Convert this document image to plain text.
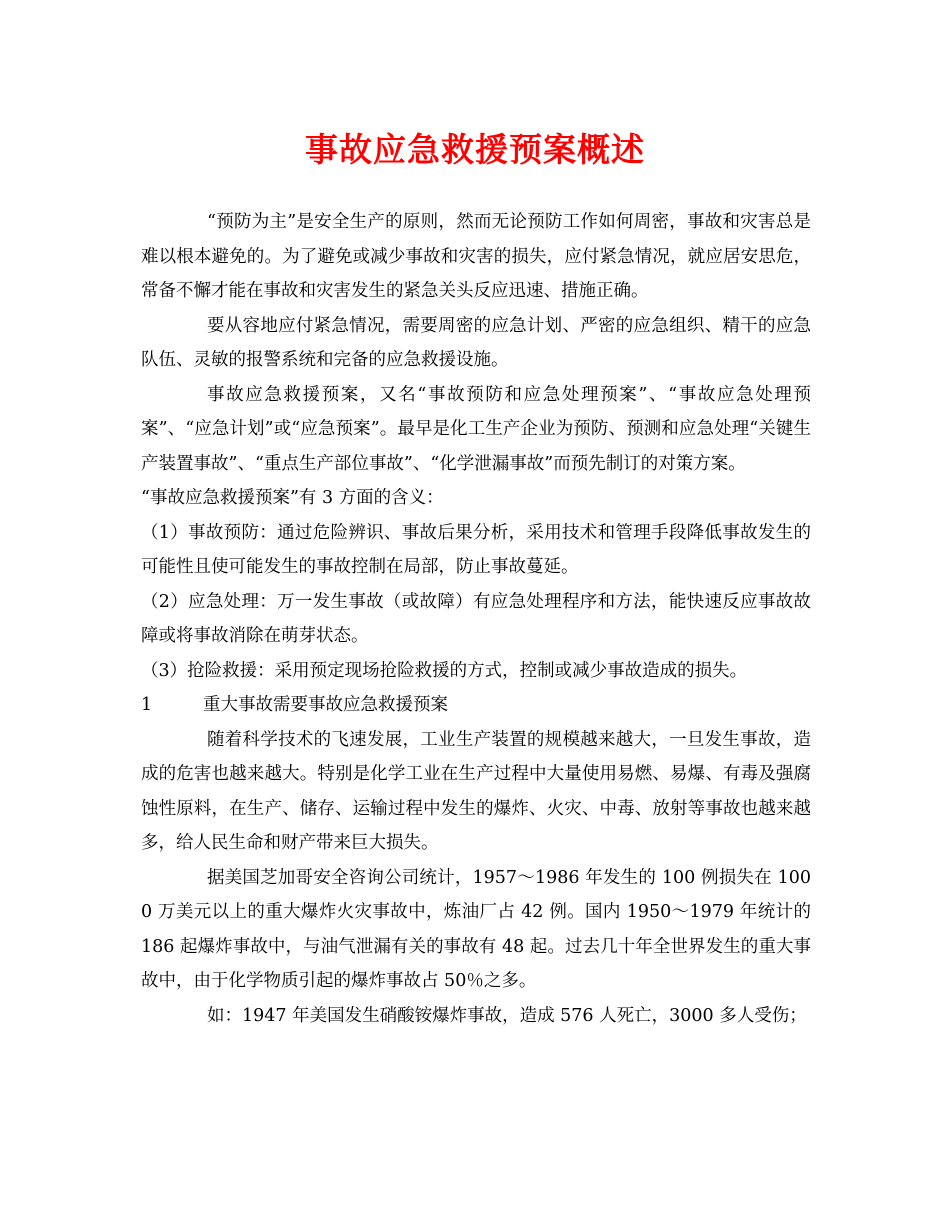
事故应急救援预案概述

“预防为主”是安全生产的原则，然而无论预防工作如何周密，事故和灾害总是难以根本避免的。为了避免或减少事故和灾害的损失，应付紧急情况，就应居安思危，常备不懈才能在事故和灾害发生的紧急关头反应迅速、措施正确。

要从容地应付紧急情况，需要周密的应急计划、严密的应急组织、精干的应急队伍、灵敏的报警系统和完备的应急救援设施。

事故应急救援预案，又名“事故预防和应急处理预案”、“事故应急处理预案”、“应急计划”或“应急预案”。最早是化工生产企业为预防、预测和应急处理“关键生产装置事故”、“重点生产部位事故”、“化学泄漏事故”而预先制订的对策方案。

“事故应急救援预案”有 3 方面的含义：

（1）事故预防：通过危险辨识、事故后果分析，采用技术和管理手段降低事故发生的可能性且使可能发生的事故控制在局部，防止事故蔓延。

（2）应急处理：万一发生事故（或故障）有应急处理程序和方法，能快速反应事故故障或将事故消除在萌芽状态。

（3）抢险救援：采用预定现场抢险救援的方式，控制或减少事故造成的损失。

1	重大事故需要事故应急救援预案

随着科学技术的飞速发展，工业生产装置的规模越来越大，一旦发生事故，造成的危害也越来越大。特别是化学工业在生产过程中大量使用易燃、易爆、有毒及强腐蚀性原料，在生产、储存、运输过程中发生的爆炸、火灾、中毒、放射等事故也越来越多，给人民生命和财产带来巨大损失。

据美国芝加哥安全咨询公司统计，1957～1986 年发生的 100 例损失在 1000 万美元以上的重大爆炸火灾事故中，炼油厂占 42 例。国内 1950～1979 年统计的 186 起爆炸事故中，与油气泄漏有关的事故有 48 起。过去几十年全世界发生的重大事故中，由于化学物质引起的爆炸事故占 50％之多。

如：1947 年美国发生硝酸铵爆炸事故，造成 576 人死亡，3000 多人受伤；
